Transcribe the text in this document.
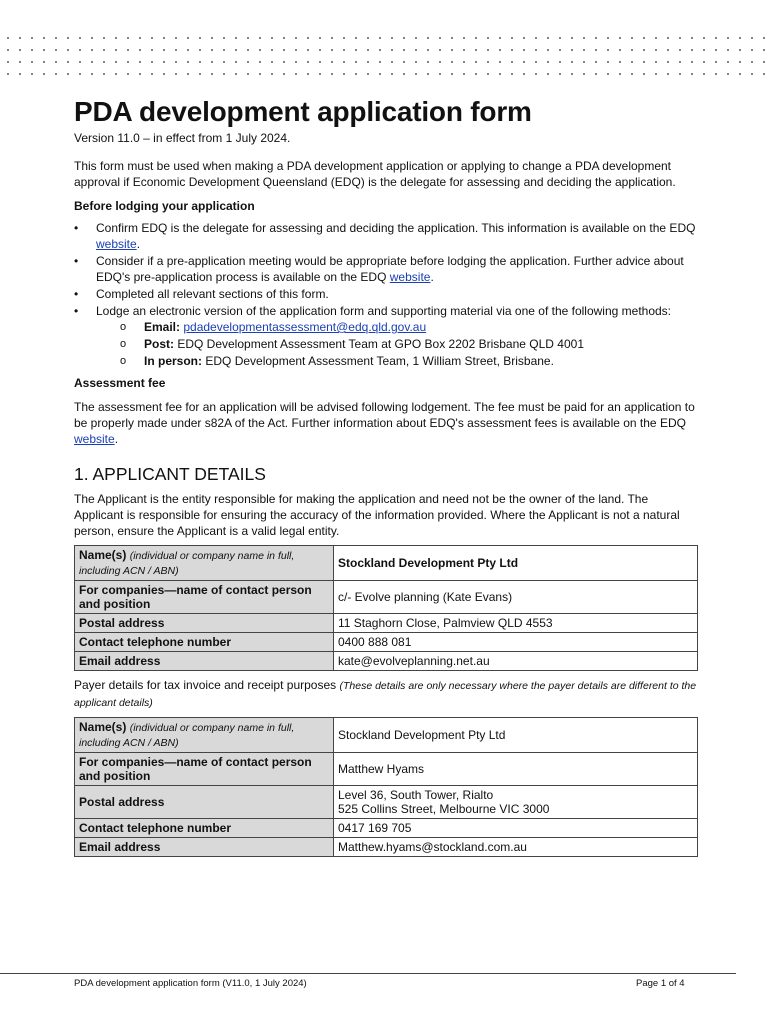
PDA development application form

Version 11.0 – in effect from 1 July 2024.

This form must be used when making a PDA development application or applying to change a PDA development approval if Economic Development Queensland (EDQ) is the delegate for assessing and deciding the application.

Before lodging your application
• Confirm EDQ is the delegate for assessing and deciding the application. This information is available on the EDQ website.
• Consider if a pre-application meeting would be appropriate before lodging the application. Further advice about EDQ's pre-application process is available on the EDQ website.
• Completed all relevant sections of this form.
• Lodge an electronic version of the application form and supporting material via one of the following methods:
o Email: pdadevelopmentassessment@edq.qld.gov.au
o Post: EDQ Development Assessment Team at GPO Box 2202 Brisbane QLD 4001
o In person: EDQ Development Assessment Team, 1 William Street, Brisbane.
Assessment fee

The assessment fee for an application will be advised following lodgement. The fee must be paid for an application to be properly made under s82A of the Act. Further information about EDQ's assessment fees is available on the EDQ website.

1. APPLICANT DETAILS

The Applicant is the entity responsible for making the application and need not be the owner of the land. The Applicant is responsible for ensuring the accuracy of the information provided. Where the Applicant is not a natural person, ensure the Applicant is a valid legal entity.

Name(s) (individual or company name in full, including ACN / ABN)	Stockland Development Pty Ltd
For companies—name of contact person and position	c/- Evolve planning (Kate Evans)
Postal address	11 Staghorn Close, Palmview QLD 4553
Contact telephone number	0400 888 081
Email address	kate@evolveplanning.net.au

Payer details for tax invoice and receipt purposes (These details are only necessary where the payer details are different to the applicant details)

Name(s) (individual or company name in full, including ACN / ABN)	Stockland Development Pty Ltd
For companies—name of contact person and position	Matthew Hyams
Postal address	Level 36, South Tower, Rialto
525 Collins Street, Melbourne VIC 3000

Contact telephone number	0417 169 705
Email address	Matthew.hyams@stockland.com.au
PDA development application form (V11.0, 1 July 2024)	Page 1 of 4
